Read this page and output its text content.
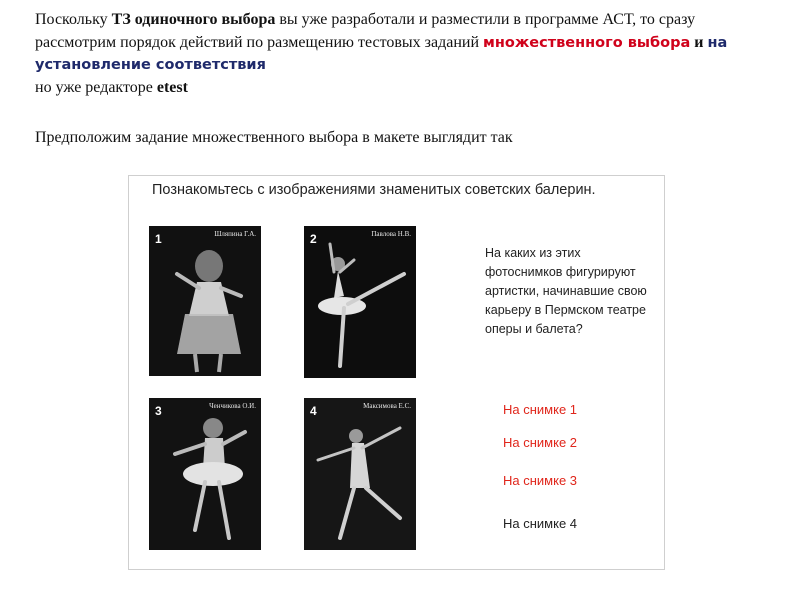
Поскольку ТЗ одиночного выбора вы уже разработали и разместили в программе АСТ, то сразу рассмотрим порядок действий по размещению тестовых заданий множественного выбора и на установление соответствия
но уже редакторе etest

Предположим задание множественного выбора в макете выглядит так
Познакомьтесь с изображениями знаменитых советских балерин.
1	Шляпина Г.А.	2	Павлова Н.В.
3	Ченчикова О.И.	4	Максимова Е.С.
На каких из этих фотоснимков фигурируют артистки, начинавшие свою карьеру в Пермском театре оперы и балета?
На снимке 1
На снимке 2
На снимке 3
На снимке 4
